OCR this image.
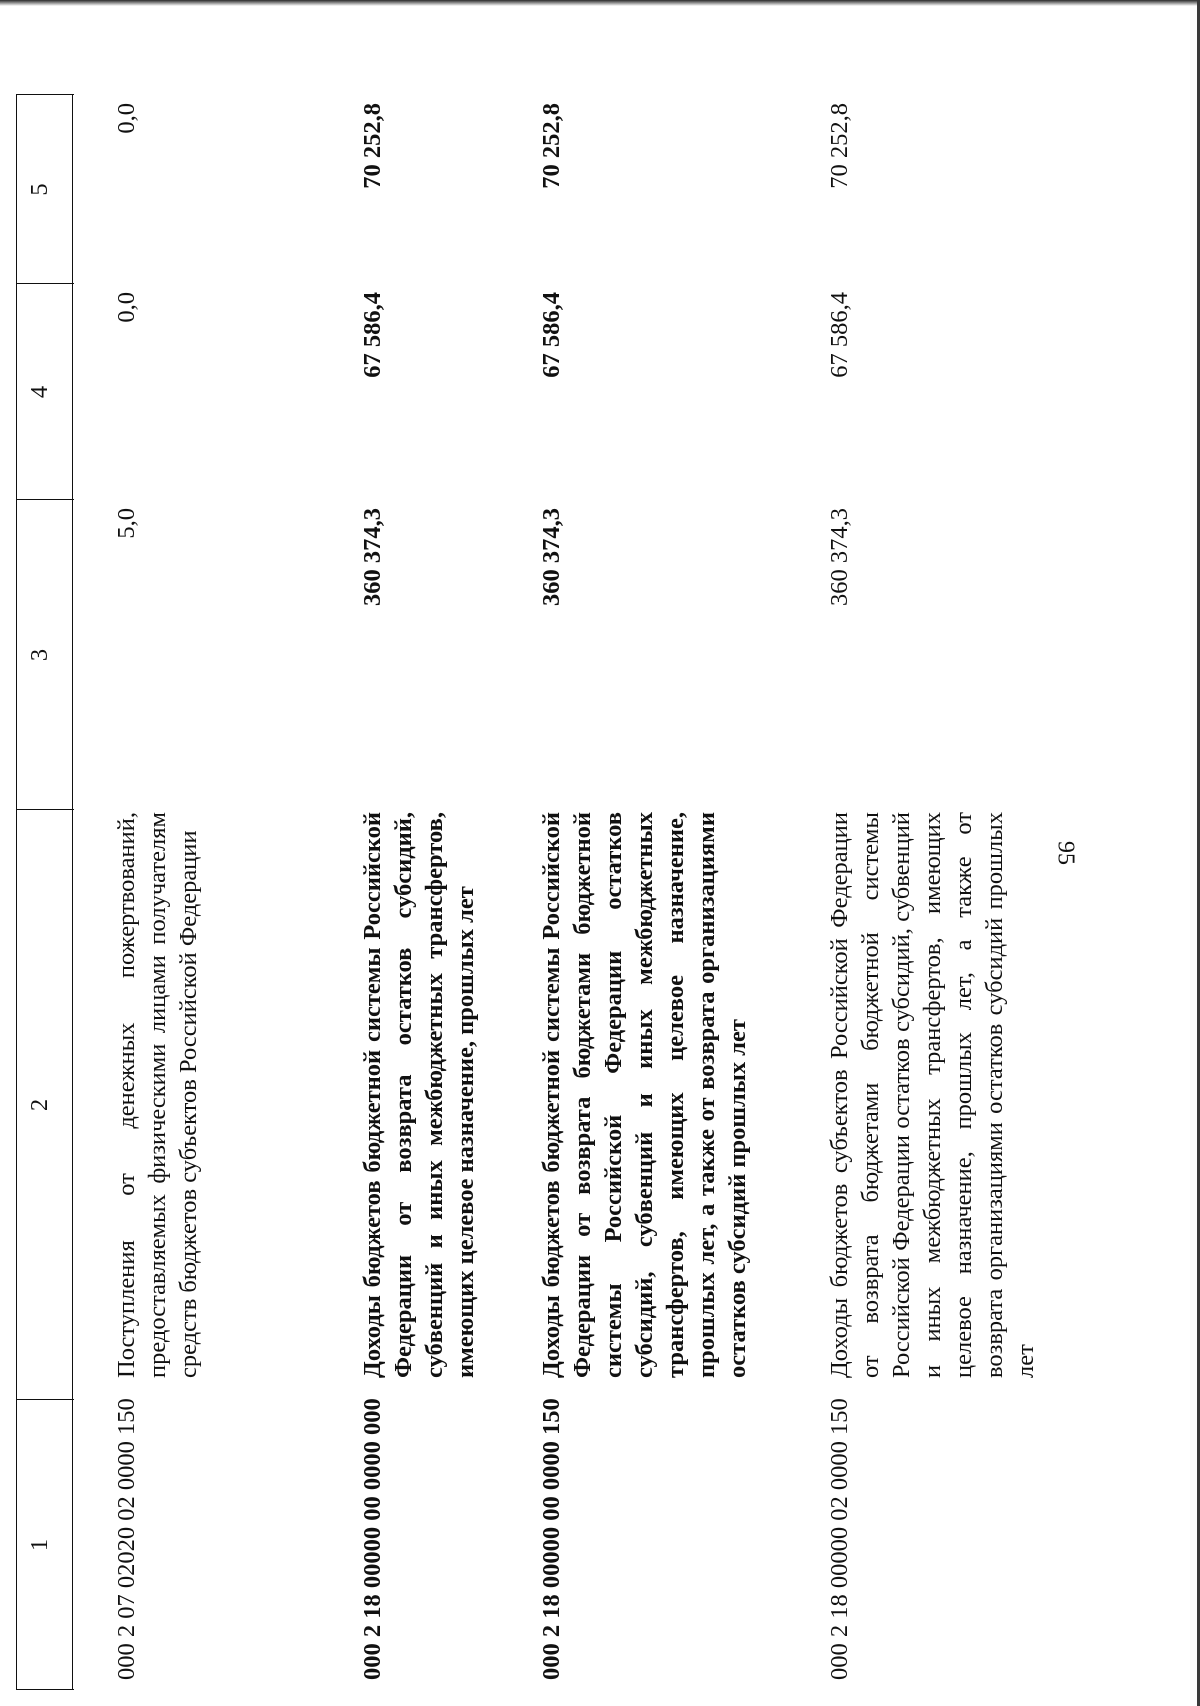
95
1
2
3
4
5
000 2 07 02020 02 0000 150
Поступления от денежных пожертвований, предоставляемых физическими лицами получателям средств бюджетов субъектов Российской Федерации
5,0
0,0
0,0
000 2 18 00000 00 0000 000
Доходы бюджетов бюджетной системы Российской Федерации от возврата остатков субсидий, субвенций и иных межбюджетных трансфертов, имеющих целевое назначение, прошлых лет
360 374,3
67 586,4
70 252,8
000 2 18 00000 00 0000 150
Доходы бюджетов бюджетной системы Российской Федерации от возврата бюджетами бюджетной системы Российской Федерации остатков субсидий, субвенций и иных межбюджетных трансфертов, имеющих целевое назначение, прошлых лет, а также от возврата организациями остатков субсидий прошлых лет
360 374,3
67 586,4
70 252,8
000 2 18 00000 02 0000 150
Доходы бюджетов субъектов Российской Федерации от возврата бюджетами бюджетной системы Российской Федерации остатков субсидий, субвенций и иных межбюджетных трансфертов, имеющих целевое назначение, прошлых лет, а также от возврата организациями остатков субсидий прошлых лет
360 374,3
67 586,4
70 252,8
